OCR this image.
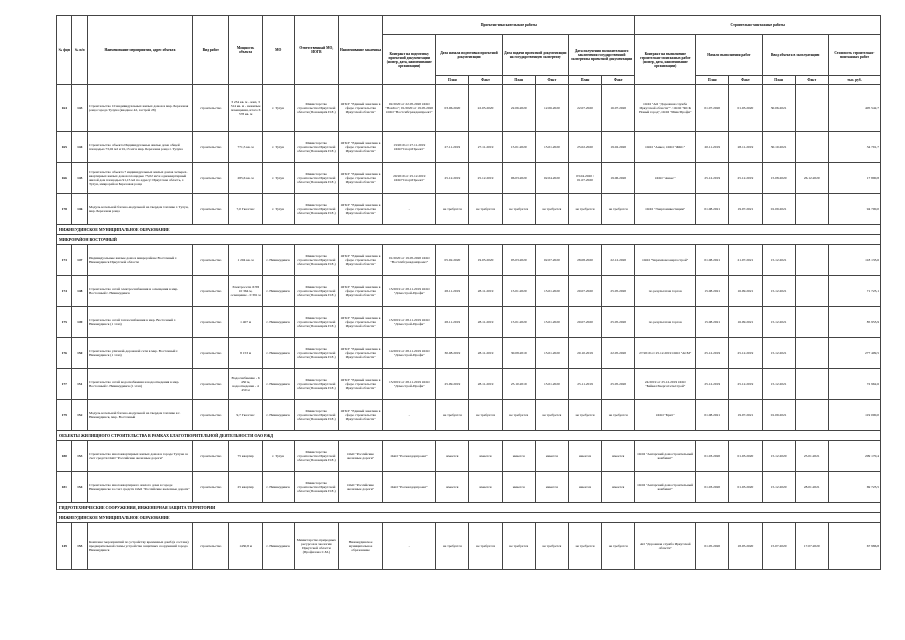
№ фцп	№ п/п	Наименование мероприятия, адрес объекта	Вид работ	Мощность объекта	МО	Ответственный МО, ИОГВ	Наименование заказчика	Проектно-изыскательские работы							Строительно-монтажные работы					
								Контракт на подготовку проектной документации (номер, дата, наименование организации)	Дата начала подготовки проектной документации		Дата подачи проектной документации на государственную экспертизу		Дата получения положительного заключения государственной экспертизы проектной документации		Контракт на выполнение строительно-монтажных работ (номер, дата, наименование организации)	Начало выполнения работ		Ввод объекта в эксплуатацию		Стоимость строительно-монтажных работ
									План	Факт	План	Факт	План	Факт		План	Факт	План	Факт	тыс. руб.
164	143	Строительство 10 индивидуальных жилых домов в мкр. Березовая роща города Тулуна (вводное 42, застрой 28)	строительство	3 234 кв. м - жил, 3 314 кв. м - нежилые помещения, итого 6 578 кв. м	г. Тулун	Министерство строительства Иркутской области (Пономарёв П.Е.)	ОГКУ "Единый заказчик в сфере строительства Иркутской области"	02/2020 от 22.05.2020 ООО "НовГео"; 01/2020 от 19.05.2020 ООО "Востсибгражданпроект"	03.06.2020	22.05.2020	22.06.2020	12.06.2020	22.07.2020	16.07.2020	ООО "АО "Дорожная служба Иркутской области"" / ООО "ФСК Новый город", ООО "МинсПрофи"	01.07.2020	01.03.2020	30.06.2021		405 542,7
165	144	Строительство объекта Индивидуальные жилые дома общей площадью 73,02 м2 и 91,15 м2 в мкр. Березовая роща г. Тулуна	строительство	771,5 кв. м	г. Тулун	Министерство строительства Иркутской области (Пономарёв П.Е.)	ОГКУ "Единый заказчик в сфере строительства Иркутской области"	13/2019 от 27.11.2019 ООО"СпортПроект"	27.11.2019	27.11.2019	15.01.2020	15.01.2020	25.02.2020	19.02.2020	ООО "Анкес, ООО "ЖКС"	20.11.2019	28.11.2019	30.10.2021		34 791,7
166	145	Строительство объекта 7 индивидуальных жилых домов четырех-квартирных жилых домов площадью 73,02 м2 и одноквартирный жилой дом площадью 91,15 м2 по адресу: Иркутская область, г. Тулун, микрорайон Березовая роща	строительство	285,6 кв. м	г. Тулун	Министерство строительства Иркутской области (Пономарёв П.Е.)	ОГКУ "Единый заказчик в сфере строительства Иркутской области"	20/2019 от 25.12.2019 ООО"СпортПроект"	25.12.2019	25.12.2019	06.03.2020	02.04.2020	03.04.2020 / 01.07.2020	19.06.2020	ООО "Анкес"	25.12.2019	25.12.2019	15.08.2020	26.12.2020	17 890,8
178	146	Модуль котельной блочно-модульной на твердом топливе г. Тулун, мкр. Березовая роща	строительство	7,0 Гкал/час	г. Тулун	Министерство строительства Иркутской области (Пономарёв П.Е.)	ОГКУ "Единый заказчик в сфере строительства Иркутской области"	-	не требуется	не требуется	не требуется	не требуется	не требуется	не требуется	ООО "Энергоинвестиции"	01.08.2021	19.07.2021	01.09.2021		94 700,0
НИЖНЕУДИНСКОЕ МУНИЦИПАЛЬНОЕ ОБРАЗОВАНИЕ																				
МИКРОРАЙОН ВОСТОЧНЫЙ																				
173	147	Индивидуальные жилые дома в микрорайоне Восточный г. Нижнеудинск Иркутской области	строительство	1 204 кв. м	г. Нижнеудинск	Министерство строительства Иркутской области (Пономарёв П.Е.)	ОГКУ "Единый заказчик в сфере строительства Иркутской области"	01/2020 от 19.05.2020 ООО "Востсибгражданпроект"	05.02.2020	19.05.2020	05.03.2020	02.07.2020	28.08.2020	22.12.2020	ООО "Черемховоэнергострой"	01.08.2021	21.07.2021	15.12.2021		118 133,6
174	148	Строительство сетей электроснабжения и освещения в мкр. Восточный г. Нижнеудинск	строительство	Электросети ЛЭП 10 364 м, освещение - 0 391 м	г. Нижнеудинск	Министерство строительства Иркутской области (Пономарёв П.Е.)	ОГКУ "Единый заказчик в сфере строительства Иркутской области"	15/2019 от 28.11.2019 ООО "Домострой-Профи"	28.11.2019	28.11.2019	15.01.2020	15.01.2020	20.07.2020	25.05.2020	по результатам торгов	15.08.2021	16.09.2021	15.12.2021		71 723,1
175	149	Строительство сетей теплоснабжения в мкр. Восточный г. Нижнеудинск (1 этап)	строительство	1 407 м	г. Нижнеудинск	Министерство строительства Иркутской области (Пономарёв П.Е.)	ОГКУ "Единый заказчик в сфере строительства Иркутской области"	15/2019 от 28.11.2019 ООО "Домострой-Профи"	28.11.2019	28.11.2019	15.01.2020	15.01.2020	20.07.2020	25.05.2020	по результатам торгов	15.08.2021	16.09.2021	15.12.2021		85 953,9
176	150	Строительство уличной-дорожной сети в мкр. Восточный г. Нижнеудинск (1 этап)	строительство	8 153 м	г. Нижнеудинск	Министерство строительства Иркутской области (Пономарёв П.Е.)	ОГКУ "Единый заказчик в сфере строительства Иркутской области"	14/2019 от 28.11.2019 ООО "Домострой-Профи"	30.08.2019	28.11.2019	30.08.2019	15.01.2020	20.10.2019	22.05.2020	27/2019 от 25.12.2019 ООО "АСМ"	25.12.2019	25.12.2019	15.12.2021		277 409,5
177	151	Строительство сетей водоснабжения и водоотведения в мкр. Восточный г. Нижнеудинск (1 этап)	строительство	Водоснабжение - 6 450 м, водоотведение - 4 450 м	г. Нижнеудинск	Министерство строительства Иркутской области (Пономарёв П.Е.)	ОГКУ "Единый заказчик в сфере строительства Иркутской области"	15/2019 от 28.11.2019 ООО "Домострой-Профи"	25.09.2019	28.11.2019	25.10.2019	15.01.2020	25.11.2019	25.05.2020	24/2019 от 25.12.2019 ООО "БайкалЭнергоСетьСтрой"	25.12.2019	25.12.2019	15.12.2021		72 962,6
179	152	Модуль котельной блочно-модульной на твердом топливе в г. Нижнеудинск, мкр. Восточный	строительство	9,7 Гкал/час	г. Нижнеудинск	Министерство строительства Иркутской области (Пономарёв П.Е.)	ОГКУ "Единый заказчик в сфере строительства Иркутской области"	-	не требуется	не требуется	не требуется	не требуется	не требуется	не требуется	ООО "Брит"	01.08.2021	19.07.2021	01.09.2021		119 000,0
ОБЪЕКТЫ ЖИЛИЩНОГО СТРОИТЕЛЬСТВА В РАМКАХ БЛАГОТВОРИТЕЛЬНОЙ ДЕЯТЕЛЬНОСТИ ОАО РЖД																				
180	153	Строительство многоквартирных жилых домов в городе Тулуне за счет средств ОАО "Российские железные дороги"	строительство	75 квартир	г. Тулун	Министерство строительства Иркутской области (Пономарёв П.Е.)	ОАО "Российские железные дороги"	ОАО "Росжелдорпроект"	имеется	имеется	имеется	имеется	имеется	имеется	ООО "Ангарский домостроительный комбинат"	01.03.2020	01.03.2020	15.12.2020	25.01.2021	209 170,4
181	154	Строительство многоквартирного жилого дома в городе Нижнеудинске за счет средств ОАО "Российские железные дороги"	строительство	25 квартир	г. Нижнеудинск	Министерство строительства Иркутской области (Пономарёв П.Е.)	ОАО "Российские железные дороги"	ОАО "Росжелдорпроект"	имеется	имеется	имеется	имеется	имеется	имеется	ООО "Ангарский домостроительный комбинат"	01.03.2020	01.03.2020	15.12.2020	28.01.2021	69 723,5
ГИДРОТЕХНИЧЕСКИЕ СООРУЖЕНИЯ, ИНЖЕНЕРНАЯ ЗАЩИТА ТЕРРИТОРИИ																				
НИЖНЕУДИНСКОЕ МУНИЦИПАЛЬНОЕ ОБРАЗОВАНИЕ																				
149	155	Комплекс мероприятий по устройству временных дамб (в составе) предварительной схемы устройства защитных сооружений города Нижнеудинск	строительство	1430,8 м	г. Нижнеудинск	Министерство природных ресурсов и экологии Иркутской области (Профилова С.М.)	Нижнеудинское муниципальное образование	-	не требуется	не требуется	не требуется	не требуется	не требуется	не требуется	АО "Дорожная служба Иркутской области"	01.05.2020	18.05.2020	15.07.2020	17.07.2020	67 986,8
